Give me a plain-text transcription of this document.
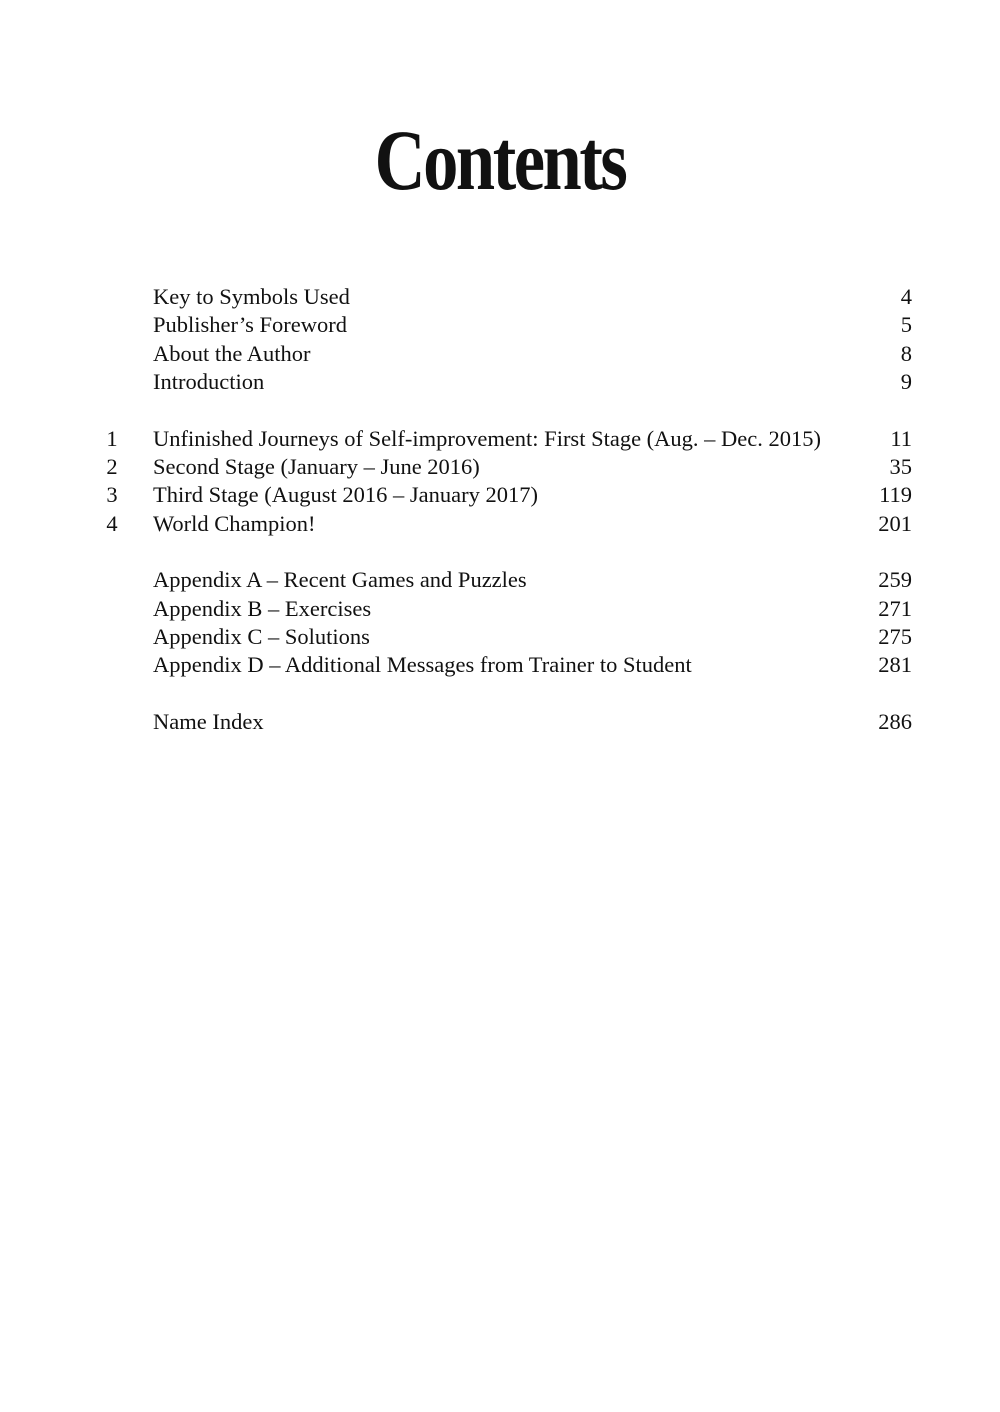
Contents
Key to Symbols Used	4
Publisher’s Foreword	5
About the Author	8
Introduction	9
1 Unfinished Journeys of Self-improvement: First Stage (Aug. – Dec. 2015)	11
2 Second Stage (January – June 2016)	35
3 Third Stage (August 2016 – January 2017)	119
4 World Champion!	201
Appendix A – Recent Games and Puzzles	259
Appendix B – Exercises	271
Appendix C – Solutions	275
Appendix D – Additional Messages from Trainer to Student	281
Name Index	286
